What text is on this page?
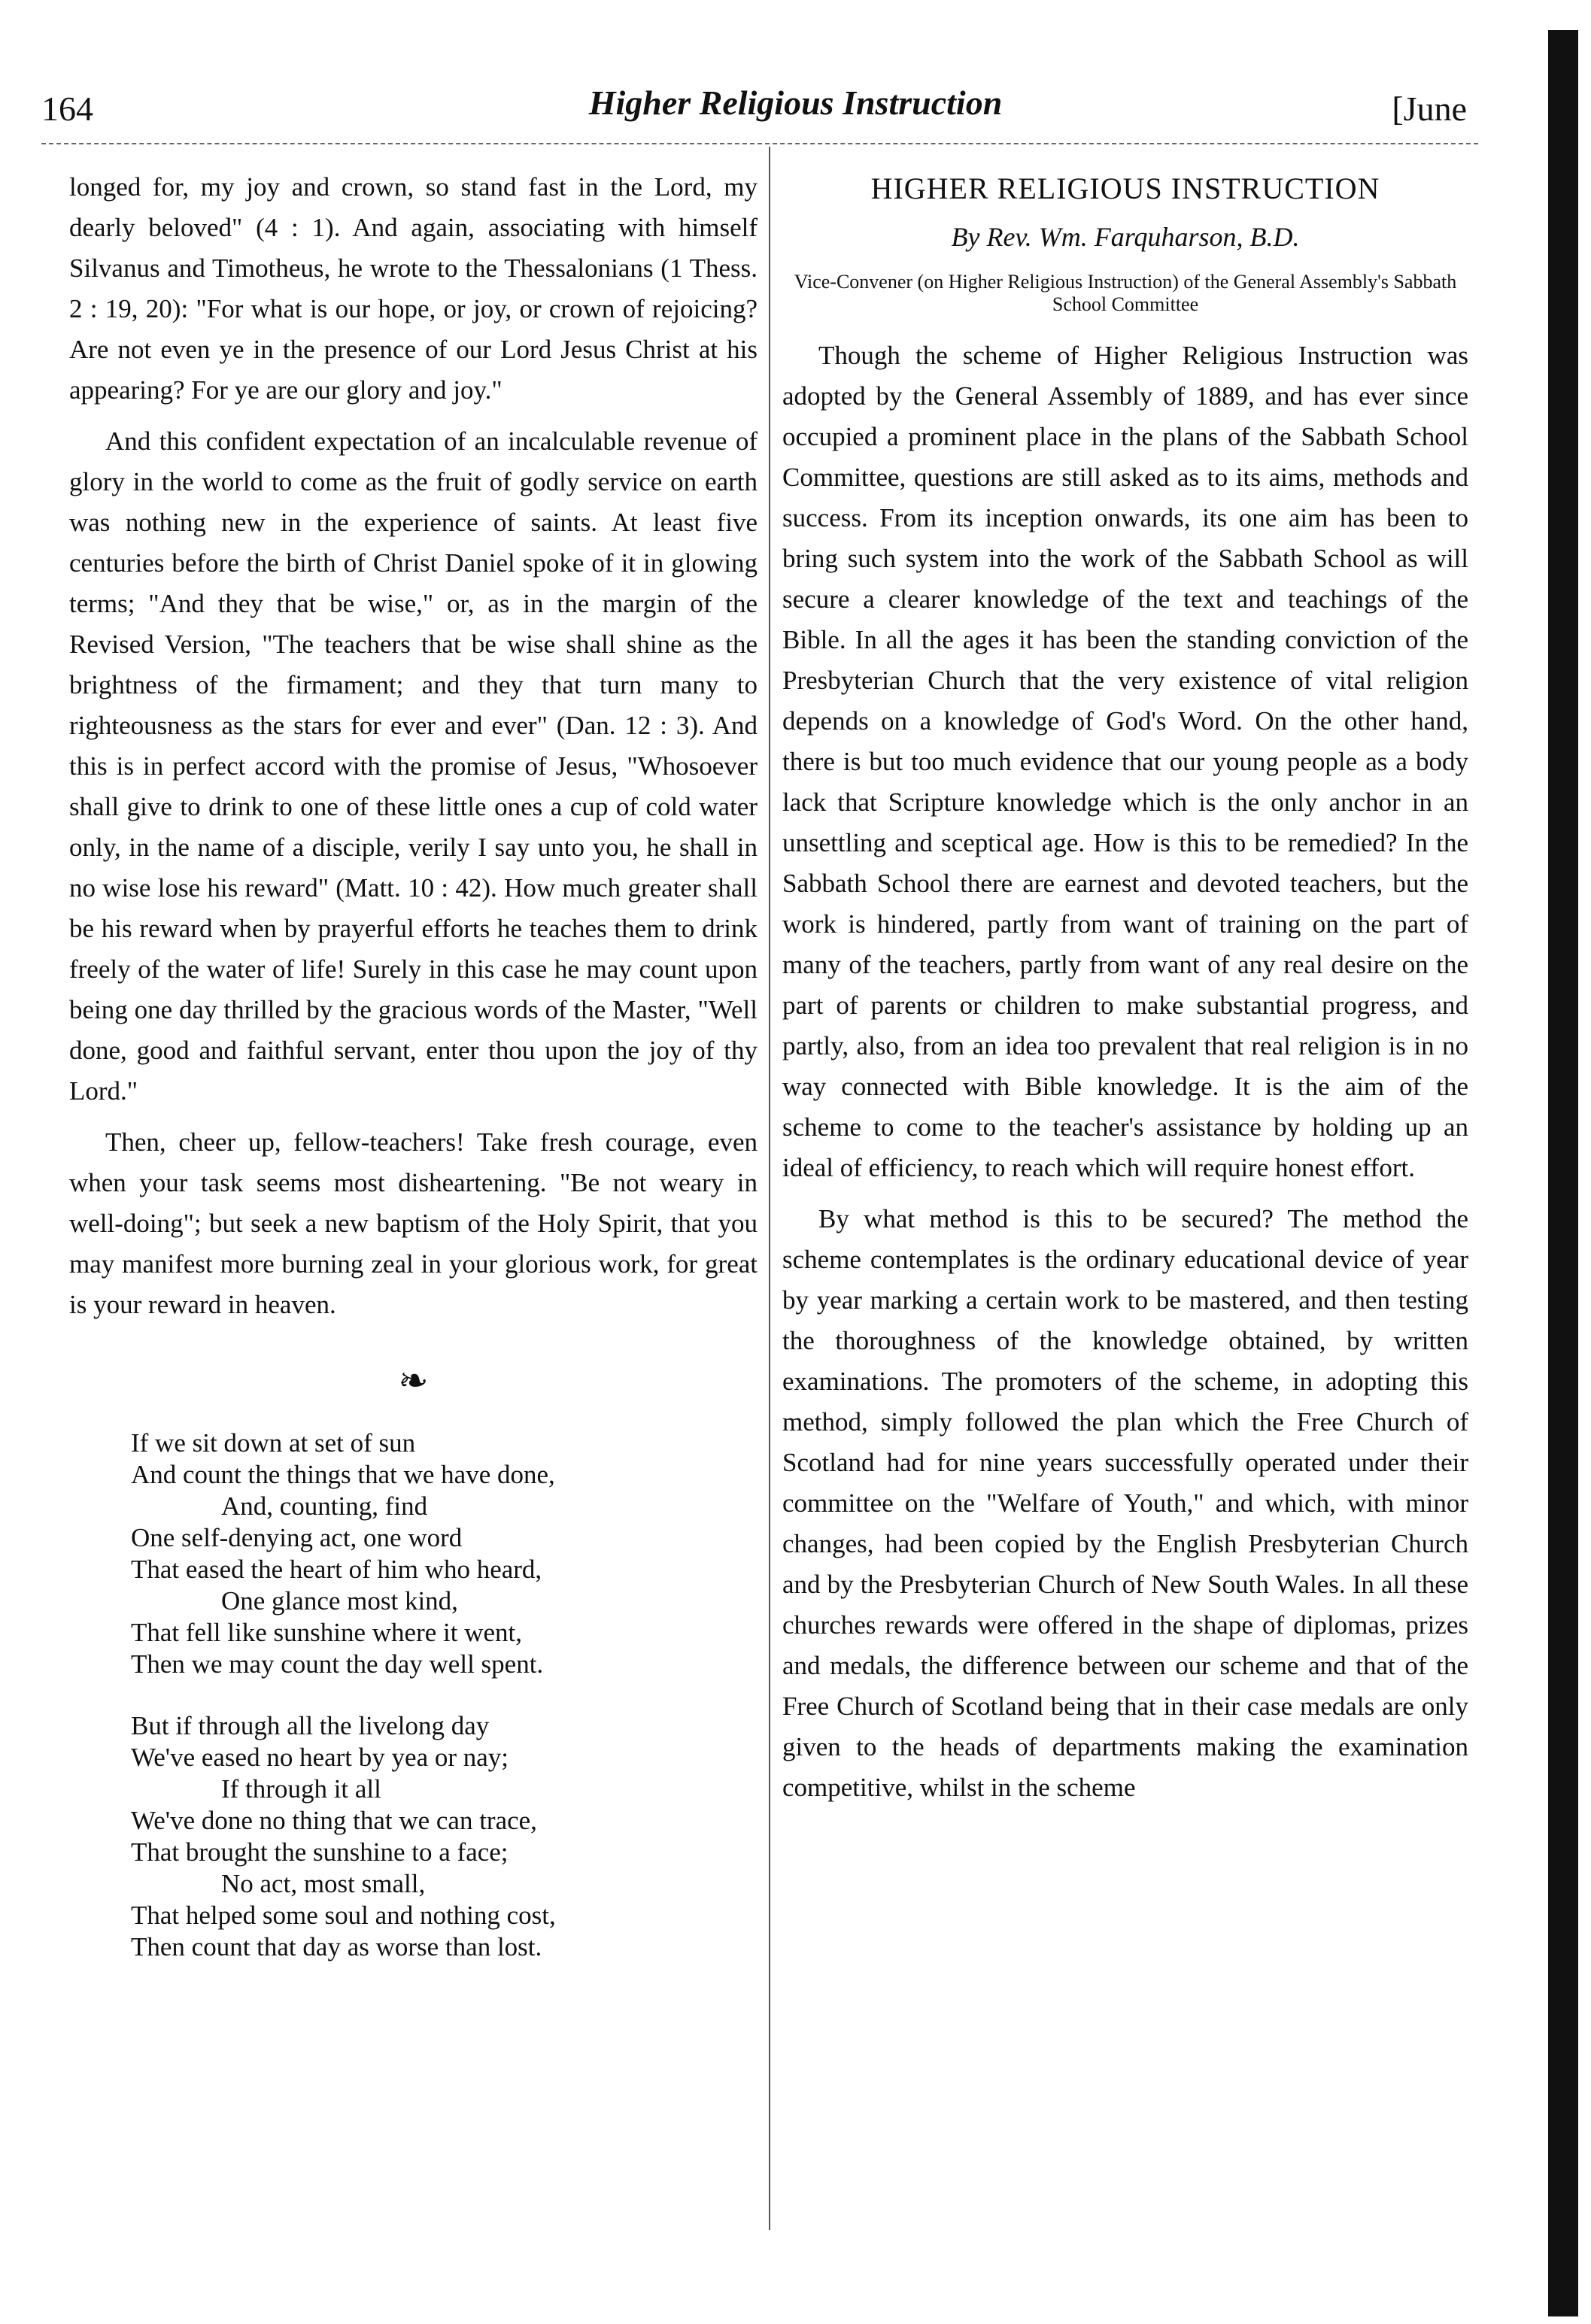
164	Higher Religious Instruction	[June

longed for, my joy and crown, so stand fast in the Lord, my dearly beloved" (4 : 1). And again, associating with himself Silvanus and Timotheus, he wrote to the Thessalonians (1 Thess. 2 : 19, 20): "For what is our hope, or joy, or crown of rejoicing? Are not even ye in the presence of our Lord Jesus Christ at his appearing? For ye are our glory and joy."

And this confident expectation of an incalculable revenue of glory in the world to come as the fruit of godly service on earth was nothing new in the experience of saints. At least five centuries before the birth of Christ Daniel spoke of it in glowing terms; "And they that be wise," or, as in the margin of the Revised Version, "The teachers that be wise shall shine as the brightness of the firmament; and they that turn many to righteousness as the stars for ever and ever" (Dan. 12 : 3). And this is in perfect accord with the promise of Jesus, "Whosoever shall give to drink to one of these little ones a cup of cold water only, in the name of a disciple, verily I say unto you, he shall in no wise lose his reward" (Matt. 10 : 42). How much greater shall be his reward when by prayerful efforts he teaches them to drink freely of the water of life! Surely in this case he may count upon being one day thrilled by the gracious words of the Master, "Well done, good and faithful servant, enter thou upon the joy of thy Lord."

Then, cheer up, fellow-teachers! Take fresh courage, even when your task seems most disheartening. "Be not weary in well-doing"; but seek a new baptism of the Holy Spirit, that you may manifest more burning zeal in your glorious work, for great is your reward in heaven.

❧
If we sit down at set of sun
And count the things that we have done,
And, counting, find
One self-denying act, one word
That eased the heart of him who heard,
One glance most kind,
That fell like sunshine where it went,
Then we may count the day well spent.
But if through all the livelong day
We've eased no heart by yea or nay;
If through it all
We've done no thing that we can trace,
That brought the sunshine to a face;
No act, most small,
That helped some soul and nothing cost,
Then count that day as worse than lost.
HIGHER RELIGIOUS INSTRUCTION
By Rev. Wm. Farquharson, B.D.
Vice-Convener (on Higher Religious Instruction) of the General Assembly's Sabbath School Committee

Though the scheme of Higher Religious Instruction was adopted by the General Assembly of 1889, and has ever since occupied a prominent place in the plans of the Sabbath School Committee, questions are still asked as to its aims, methods and success. From its inception onwards, its one aim has been to bring such system into the work of the Sabbath School as will secure a clearer knowledge of the text and teachings of the Bible. In all the ages it has been the standing conviction of the Presbyterian Church that the very existence of vital religion depends on a knowledge of God's Word. On the other hand, there is but too much evidence that our young people as a body lack that Scripture knowledge which is the only anchor in an unsettling and sceptical age. How is this to be remedied? In the Sabbath School there are earnest and devoted teachers, but the work is hindered, partly from want of training on the part of many of the teachers, partly from want of any real desire on the part of parents or children to make substantial progress, and partly, also, from an idea too prevalent that real religion is in no way connected with Bible knowledge. It is the aim of the scheme to come to the teacher's assistance by holding up an ideal of efficiency, to reach which will require honest effort.

By what method is this to be secured? The method the scheme contemplates is the ordinary educational device of year by year marking a certain work to be mastered, and then testing the thoroughness of the knowledge obtained, by written examinations. The promoters of the scheme, in adopting this method, simply followed the plan which the Free Church of Scotland had for nine years successfully operated under their committee on the "Welfare of Youth," and which, with minor changes, had been copied by the English Presbyterian Church and by the Presbyterian Church of New South Wales. In all these churches rewards were offered in the shape of diplomas, prizes and medals, the difference between our scheme and that of the Free Church of Scotland being that in their case medals are only given to the heads of departments making the examination competitive, whilst in the scheme
